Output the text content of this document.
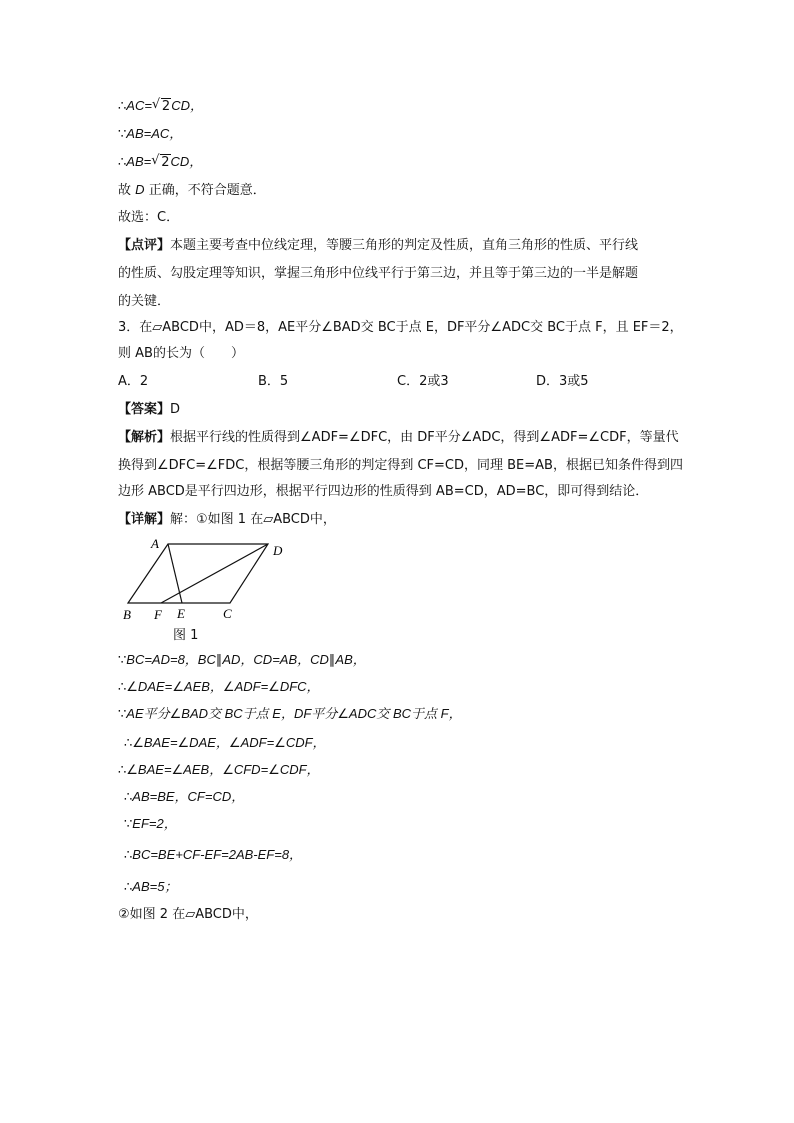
∴AC= √ 2CD，
∵AB=AC，
∴AB= √ 2CD，
故 D 正确，不符合题意．
故选：C．
【点评】本题主要考查中位线定理，等腰三角形的判定及性质，直角三角形的性质、平行线
的性质、勾股定理等知识，掌握三角形中位线平行于第三边，并且等于第三边的一半是解题
的关键．
3．在▱ABCD中，AD＝8，AE平分∠BAD交 BC于点 E，DF平分∠ADC交 BC于点 F，且 EF＝2，
则 AB的长为（　　）
A．2	B．5	C．2或3	D．3或5
【答案】D
【解析】根据平行线的性质得到∠ADF=∠DFC，由 DF平分∠ADC，得到∠ADF=∠CDF，等量代
换得到∠DFC=∠FDC，根据等腰三角形的判定得到 CF=CD，同理 BE=AB，根据已知条件得到四
边形 ABCD是平行四边形，根据平行四边形的性质得到 AB=CD，AD=BC，即可得到结论．
【详解】解：①如图 1 在▱ABCD中，
A	D
B F E	C
图 1
∵BC=AD=8，BC∥AD，CD=AB，CD∥AB，
∴∠DAE=∠AEB，∠ADF=∠DFC，
∵AE平分∠BAD交 BC于点 E，DF平分∠ADC交 BC于点 F，
∴∠BAE=∠DAE，∠ADF=∠CDF，
∴∠BAE=∠AEB，∠CFD=∠CDF，
∴AB=BE，CF=CD，
∵EF=2，
∴BC=BE+CF-EF=2AB-EF=8，
∴AB=5；
②如图 2 在▱ABCD中，
